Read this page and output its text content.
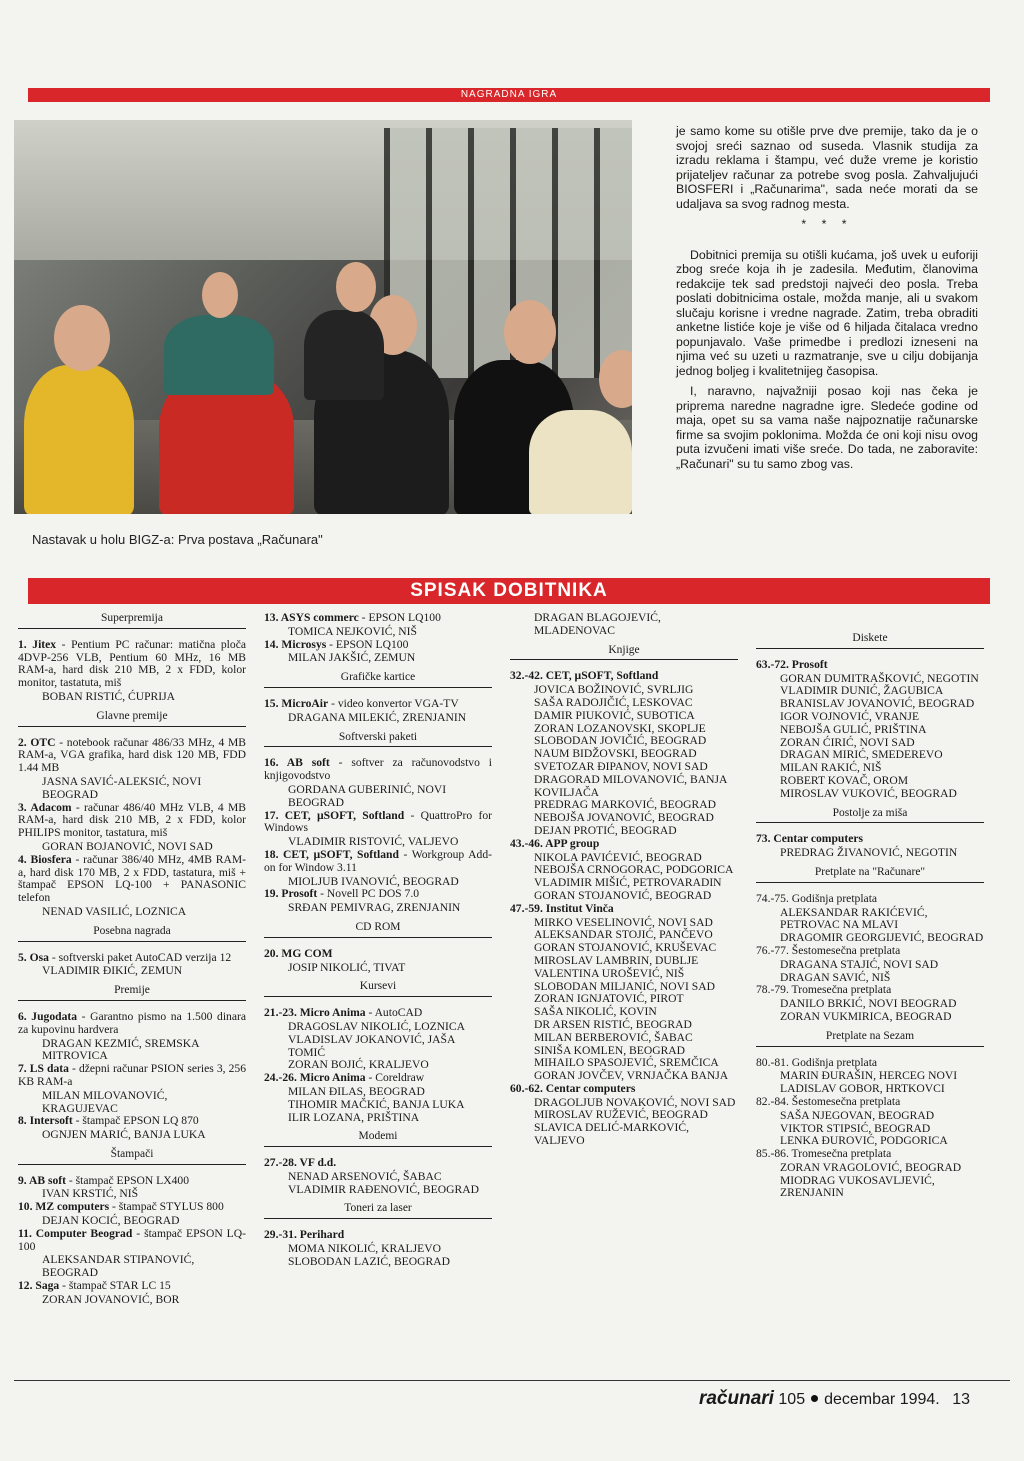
NAGRADNA IGRA
Nastavak u holu BIGZ-a: Prva postava „Računara"

je samo kome su otišle prve dve premije, tako da je o svojoj sreći saznao od suseda. Vlasnik studija za izradu reklama i štampu, već duže vreme je koristio prijateljev računar za potrebe svog posla. Zahvaljujući BIOSFERI i „Računarima", sada neće morati da se udaljava sa svog radnog mesta.

* * *

Dobitnici premija su otišli kućama, još uvek u euforiji zbog sreće koja ih je zadesila. Međutim, članovima redakcije tek sad predstoji najveći deo posla. Treba poslati dobitnicima ostale, možda manje, ali u svakom slučaju korisne i vredne nagrade. Zatim, treba obraditi anketne listiće koje je više od 6 hiljada čitalaca vredno popunjavalo. Vaše primedbe i predlozi izneseni na njima već su uzeti u razmatranje, sve u cilju dobijanja jednog boljeg i kvalitetnijeg časopisa.

I, naravno, najvažniji posao koji nas čeka je priprema naredne nagradne igre. Sledeće godine od maja, opet su sa vama naše najpoznatije računarske firme sa svojim poklonima. Možda će oni koji nisu ovog puta izvučeni imati više sreće. Do tada, ne zaboravite: „Računari" su tu samo zbog vas.

SPISAK DOBITNIKA
Superpremija

1. Jitex - Pentium PC računar: matična ploča 4DVP-256 VLB, Pentium 60 MHz, 16 MB RAM-a, hard disk 210 MB, 2 x FDD, kolor monitor, tastatuta, miš

BOBAN RISTIĆ, ĆUPRIJA

Glavne premije

2. OTC - notebook računar 486/33 MHz, 4 MB RAM-a, VGA grafika, hard disk 120 MB, FDD 1.44 MB

JASNA SAVIĆ-ALEKSIĆ, NOVI BEOGRAD

3. Adacom - računar 486/40 MHz VLB, 4 MB RAM-a, hard disk 210 MB, 2 x FDD, kolor PHILIPS monitor, tastatura, miš

GORAN BOJANOVIĆ, NOVI SAD

4. Biosfera - računar 386/40 MHz, 4MB RAM-a, hard disk 170 MB, 2 x FDD, tastatura, miš + štampač EPSON LQ-100 + PANASONIC telefon

NENAD VASILIĆ, LOZNICA

Posebna nagrada

5. Osa - softverski paket AutoCAD verzija 12

VLADIMIR ĐIKIĆ, ZEMUN

Premije

6. Jugodata - Garantno pismo na 1.500 dinara za kupovinu hardvera

DRAGAN KEZMIĆ, SREMSKA MITROVICA

7. LS data - džepni računar PSION series 3, 256 KB RAM-a

MILAN MILOVANOVIĆ, KRAGUJEVAC

8. Intersoft - štampač EPSON LQ 870

OGNJEN MARIĆ, BANJA LUKA

Štampači

9. AB soft - štampač EPSON LX400

IVAN KRSTIĆ, NIŠ

10. MZ computers - štampač STYLUS 800

DEJAN KOCIĆ, BEOGRAD

11. Computer Beograd - štampač EPSON LQ-100

ALEKSANDAR STIPANOVIĆ, BEOGRAD

12. Saga - štampač STAR LC 15

ZORAN JOVANOVIĆ, BOR

13. ASYS commerc - EPSON LQ100

TOMICA NEJKOVIĆ, NIŠ

14. Microsys - EPSON LQ100

MILAN JAKŠIĆ, ZEMUN

Grafičke kartice

15. MicroAir - video konvertor VGA-TV

DRAGANA MILEKIĆ, ZRENJANIN

Softverski paketi

16. AB soft - softver za računovodstvo i knjigovodstvo

GORDANA GUBERINIĆ, NOVI BEOGRAD

17. CET, µSOFT, Softland - QuattroPro for Windows

VLADIMIR RISTOVIĆ, VALJEVO

18. CET, µSOFT, Softland - Workgroup Add-on for Window 3.11

MIOLJUB IVANOVIĆ, BEOGRAD

19. Prosoft - Novell PC DOS 7.0

SRĐAN PEMIVRAG, ZRENJANIN

CD ROM

20. MG COM

JOSIP NIKOLIĆ, TIVAT

Kursevi

21.-23. Micro Anima - AutoCAD

DRAGOSLAV NIKOLIĆ, LOZNICA

VLADISLAV JOKANOVIĆ, JAŠA TOMIĆ

ZORAN BOJIĆ, KRALJEVO

24.-26. Micro Anima - Coreldraw

MILAN ĐILAS, BEOGRAD

TIHOMIR MAČKIĆ, BANJA LUKA

ILIR LOZANA, PRIŠTINA

Modemi

27.-28. VF d.d.

NENAD ARSENOVIĆ, ŠABAC

VLADIMIR RAĐENOVIĆ, BEOGRAD

Toneri za laser

29.-31. Perihard

MOMA NIKOLIĆ, KRALJEVO

SLOBODAN LAZIĆ, BEOGRAD

DRAGAN BLAGOJEVIĆ, MLADENOVAC

Knjige

32.-42. CET, µSOFT, Softland

JOVICA BOŽINOVIĆ, SVRLJIG

SAŠA RADOJIČIĆ, LESKOVAC

DAMIR PIUKOVIĆ, SUBOTICA

ZORAN LOZANOVSKI, SKOPLJE

SLOBODAN JOVIČIĆ, BEOGRAD

NAUM BIDŽOVSKI, BEOGRAD

SVETOZAR ĐIPANOV, NOVI SAD

DRAGORAD MILOVANOVIĆ, BANJA KOVILJAČA

PREDRAG MARKOVIĆ, BEOGRAD

NEBOJŠA JOVANOVIĆ, BEOGRAD

DEJAN PROTIĆ, BEOGRAD

43.-46. APP group

NIKOLA PAVIĆEVIĆ, BEOGRAD

NEBOJŠA CRNOGORAC, PODGORICA

VLADIMIR MIŠIĆ, PETROVARADIN

GORAN STOJANOVIĆ, BEOGRAD

47.-59. Institut Vinča

MIRKO VESELINOVIĆ, NOVI SAD

ALEKSANDAR STOJIĆ, PANČEVO

GORAN STOJANOVIĆ, KRUŠEVAC

MIROSLAV LAMBRIN, DUBLJE

VALENTINA UROŠEVIĆ, NIŠ

SLOBODAN MILJANIĆ, NOVI SAD

ZORAN IGNJATOVIĆ, PIROT

SAŠA NIKOLIĆ, KOVIN

DR ARSEN RISTIĆ, BEOGRAD

MILAN BERBEROVIĆ, ŠABAC

SINIŠA KOMLEN, BEOGRAD

MIHAILO SPASOJEVIĆ, SREMČICA

GORAN JOVČEV, VRNJAČKA BANJA

60.-62. Centar computers

DRAGOLJUB NOVAKOVIĆ, NOVI SAD

MIROSLAV RUŽEVIĆ, BEOGRAD

SLAVICA DELIĆ-MARKOVIĆ, VALJEVO

Diskete

63.-72. Prosoft

GORAN DUMITRAŠKOVIĆ, NEGOTIN

VLADIMIR DUNIĆ, ŽAGUBICA

BRANISLAV JOVANOVIĆ, BEOGRAD

IGOR VOJNOVIĆ, VRANJE

NEBOJŠA GULIĆ, PRIŠTINA

ZORAN ĆIRIĆ, NOVI SAD

DRAGAN MIRIĆ, SMEDEREVO

MILAN RAKIĆ, NIŠ

ROBERT KOVAČ, OROM

MIROSLAV VUKOVIĆ, BEOGRAD

Postolje za miša

73. Centar computers

PREDRAG ŽIVANOVIĆ, NEGOTIN

Pretplate na "Računare"

74.-75. Godišnja pretplata

ALEKSANDAR RAKIĆEVIĆ, PETROVAC NA MLAVI

DRAGOMIR GEORGIJEVIĆ, BEOGRAD

76.-77. Šestomesečna pretplata

DRAGANA STAJIĆ, NOVI SAD

DRAGAN SAVIĆ, NIŠ

78.-79. Tromesečna pretplata

DANILO BRKIĆ, NOVI BEOGRAD

ZORAN VUKMIRICA, BEOGRAD

Pretplate na Sezam

80.-81. Godišnja pretplata

MARIN ĐURAŠIN, HERCEG NOVI

LADISLAV GOBOR, HRTKOVCI

82.-84. Šestomesečna pretplata

SAŠA NJEGOVAN, BEOGRAD

VIKTOR STIPSIĆ, BEOGRAD

LENKA ĐUROVIĆ, PODGORICA

85.-86. Tromesečna pretplata

ZORAN VRAGOLOVIĆ, BEOGRAD

MIODRAG VUKOSAVLJEVIĆ, ZRENJANIN

računari 105 decembar 1994. 13
